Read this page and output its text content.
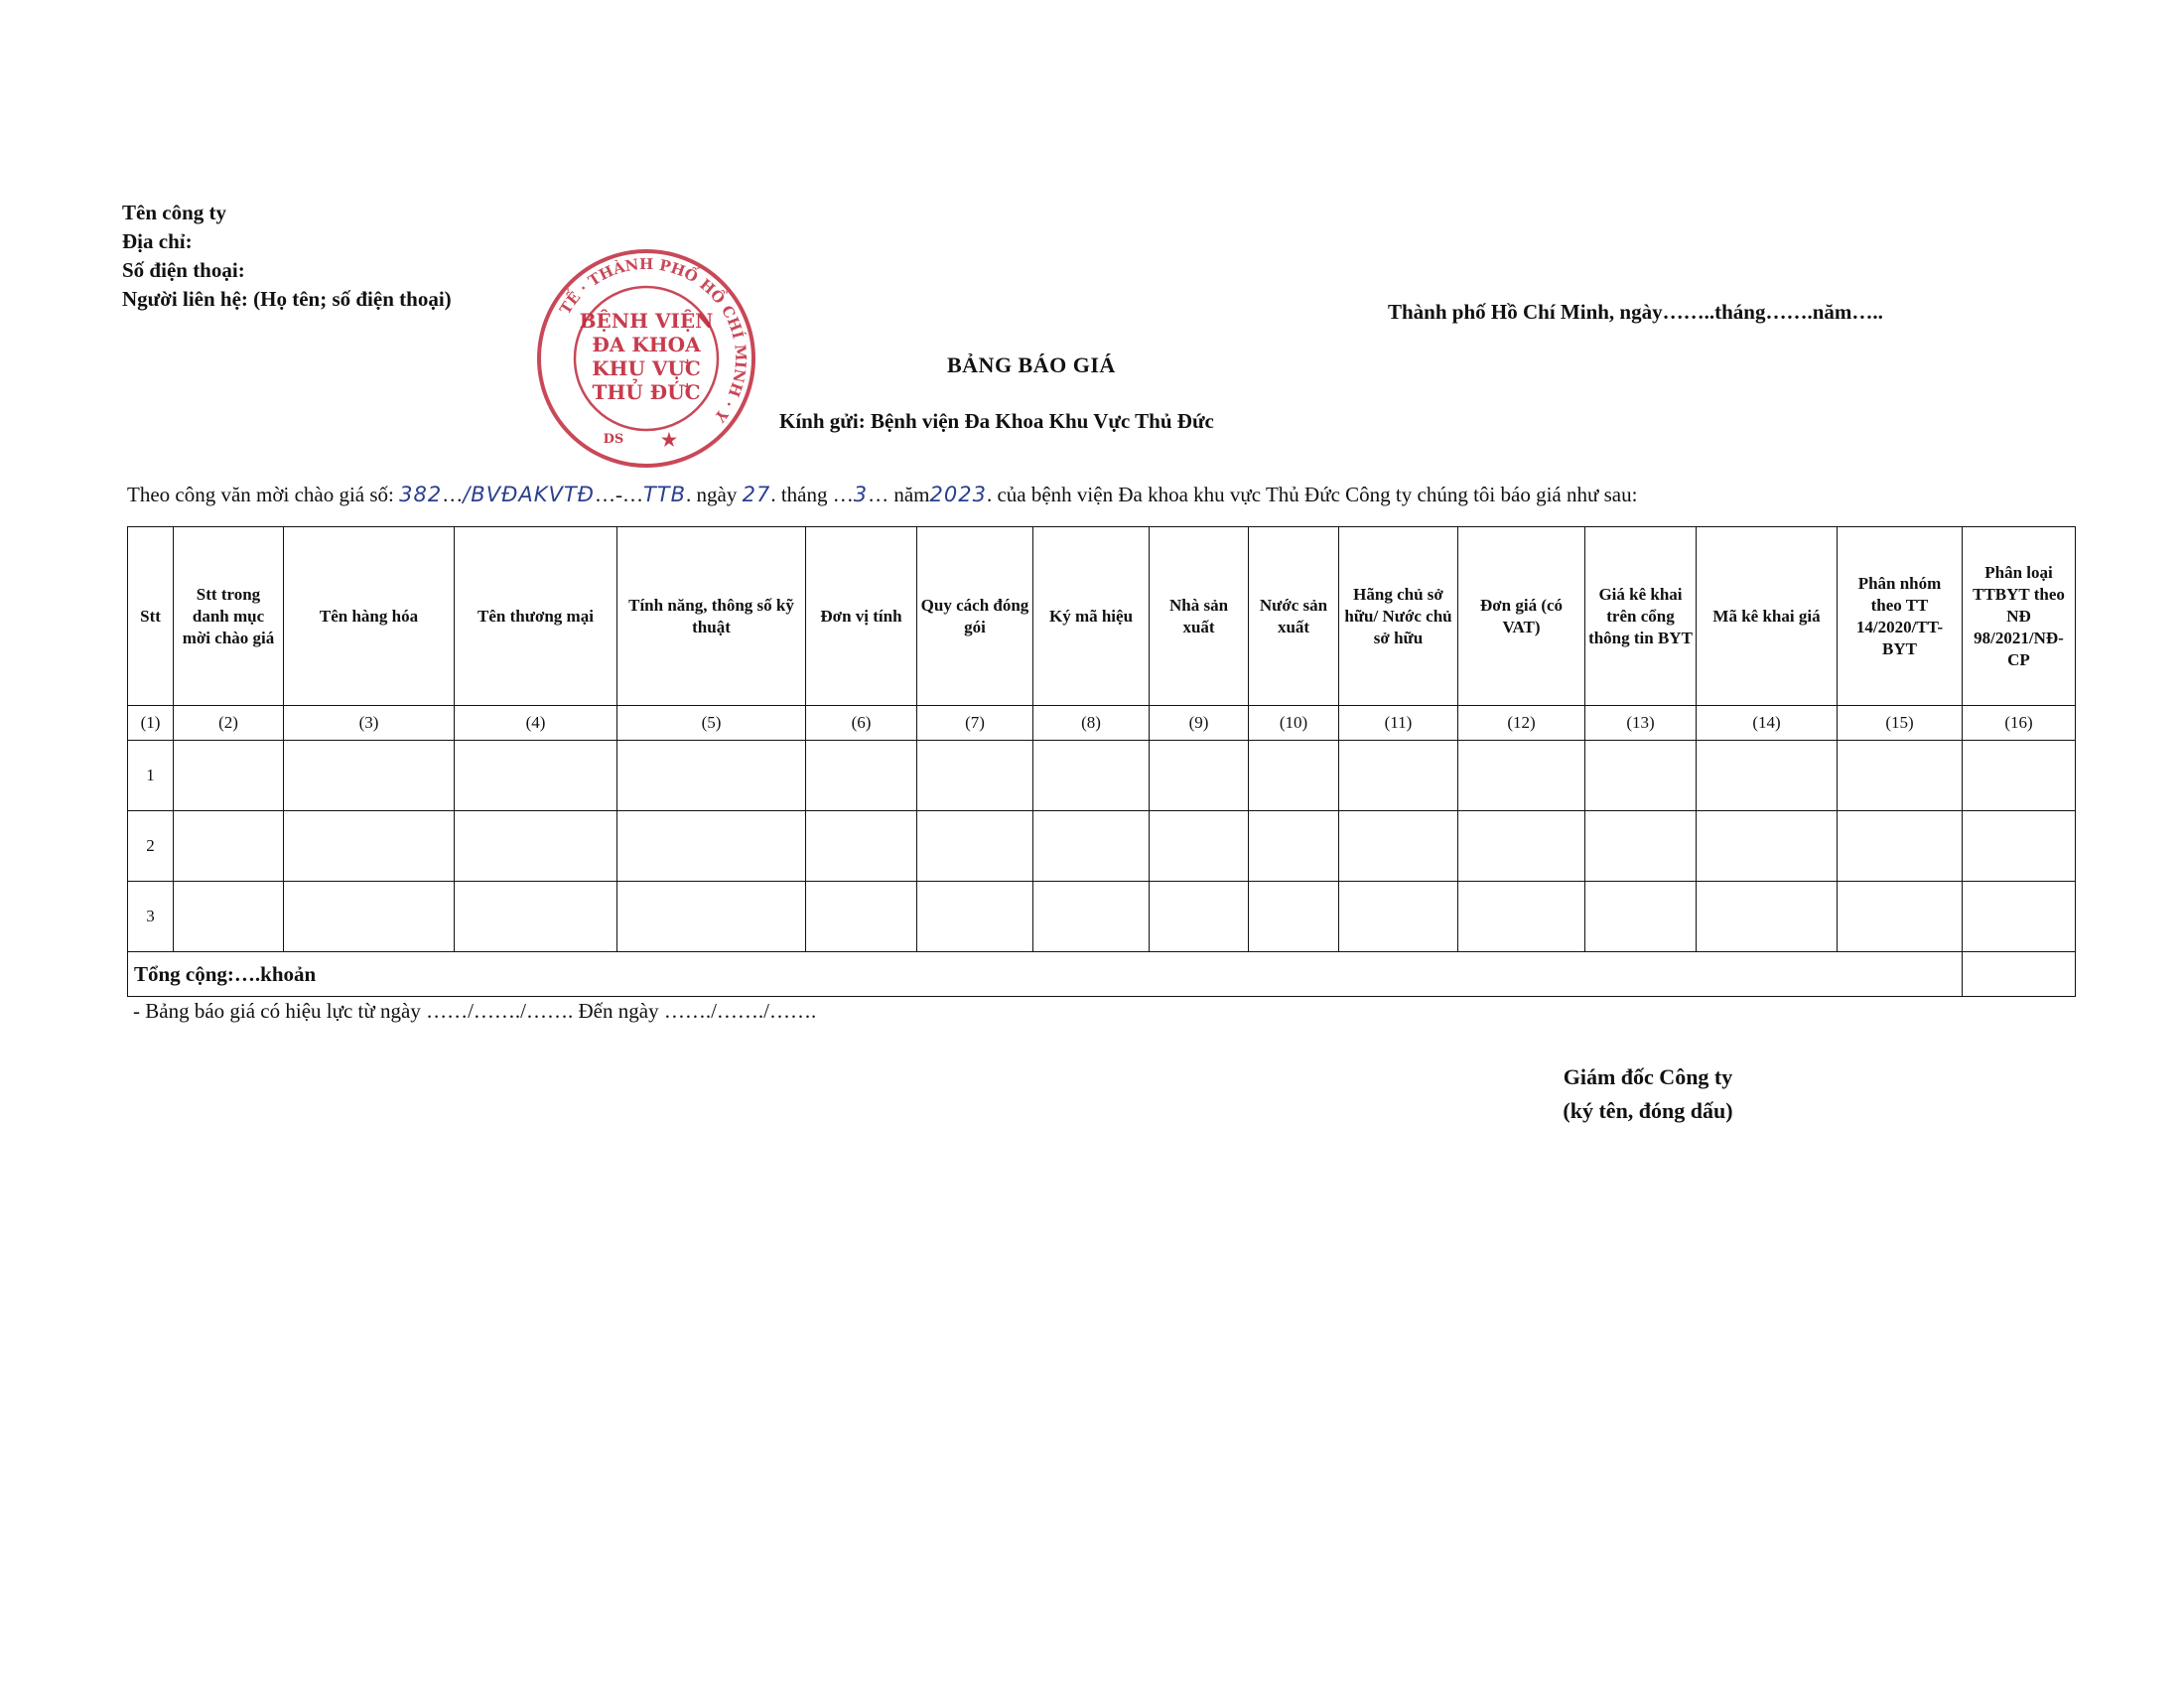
Tên công ty
Địa chỉ:
Số điện thoại:
Người liên hệ: (Họ tên; số điện thoại)	TẾ · THÀNH PHỐ HỒ CHÍ MINH · Y
BỆNH VIỆN
ĐA KHOA
KHU VỰC
THỦ ĐỨC
DS ★
Thành phố Hồ Chí Minh, ngày……..tháng…….năm…..
BẢNG BÁO GIÁ
Kính gửi: Bệnh viện Đa Khoa Khu Vực Thủ Đức
Theo công văn mời chào giá số: 382…/BVĐAKVTĐ…-…TTB. ngày 27. tháng …3… năm2023. của bệnh viện Đa khoa khu vực Thủ Đức Công ty chúng tôi báo giá như sau:
Stt	Stt trong danh mục mời chào giá	Tên hàng hóa	Tên thương mại	Tính năng, thông số kỹ thuật	Đơn vị tính	Quy cách đóng gói	Ký mã hiệu	Nhà sản xuất	Nước sản xuất	Hãng chủ sở hữu/ Nước chủ sở hữu	Đơn giá (có VAT)	Giá kê khai trên cổng thông tin BYT	Mã kê khai giá	Phân nhóm theo TT 14/2020/TT-BYT	Phân loại TTBYT theo NĐ 98/2021/NĐ-CP
(1)	(2)	(3)	(4)	(5)	(6)	(7)	(8)	(9)	(10)	(11)	(12)	(13)	(14)	(15)	(16)
1															
2															
3															
Tổng cộng:….khoản															
- Bảng báo giá có hiệu lực từ ngày ……/……./……. Đến ngày ……./……./…….
Giám đốc Công ty
(ký tên, đóng dấu)
